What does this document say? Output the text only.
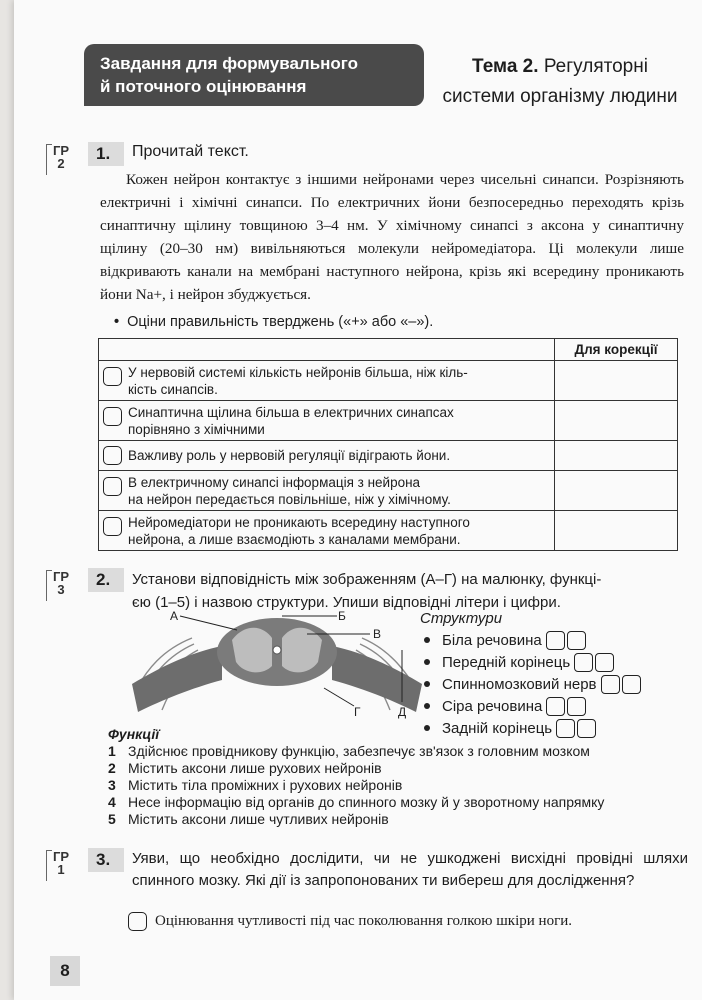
Завдання для формувального
й поточного оцінювання
Тема 2. Регуляторні
системи організму людини
ГР
2
1.	Прочитай текст.
Кожен нейрон контактує з іншими нейронами через чисельні синапси. Розрізняють електричні і хімічні синапси. По електричних йони безпосередньо переходять крізь синаптичну щілину товщиною 3–4 нм. У хімічному синапсі з аксона у синаптичну щілину (20–30 нм) вивільняються молекули нейромедіатора. Ці молекули лише відкривають канали на мембрані наступного нейрона, крізь які всередину проникають йони Na+, і нейрон збуджується.
• Оціни правильність тверджень («+» або «–»).
	Для корекції

У нервовій системі кількість нейронів більша, ніж кіль-
кість синапсів.	

Синаптична щілина більша в електричних синапсах
порівняно з хімічними	

Важливу роль у нервовій регуляції відіграють йони.	

В електричному синапсі інформація з нейрона
на нейрон передається повільніше, ніж у хімічному.	

Нейромедіатори не проникають всередину наступного
нейрона, а лише взаємодіють з каналами мембрани.	

ГР
3
2.	Установи відповідність між зображенням (А–Г) на малюнку, функці-
єю (1–5) і назвою структури. Упиши відповідні літери і цифри.
А	Б
В
Г	Д
Структури
Біла речовина
Передній корінець
Спинномозковий нерв
Сіра речовина
Задній корінець
Функції
1 Здійснює провідникову функцію, забезпечує зв'язок з головним мозком
2 Містить аксони лише рухових нейронів
3 Містить тіла проміжних і рухових нейронів
4 Несе інформацію від органів до спинного мозку й у зворотному напрямку
5 Містить аксони лише чутливих нейронів
ГР
1
3.	Уяви, що необхідно дослідити, чи не ушкоджені висхідні провідні шляхи спинного мозку. Які дії із запропонованих ти вибереш для дослідження?
Оцінювання чутливості під час поколювання голкою шкіри ноги.
8
